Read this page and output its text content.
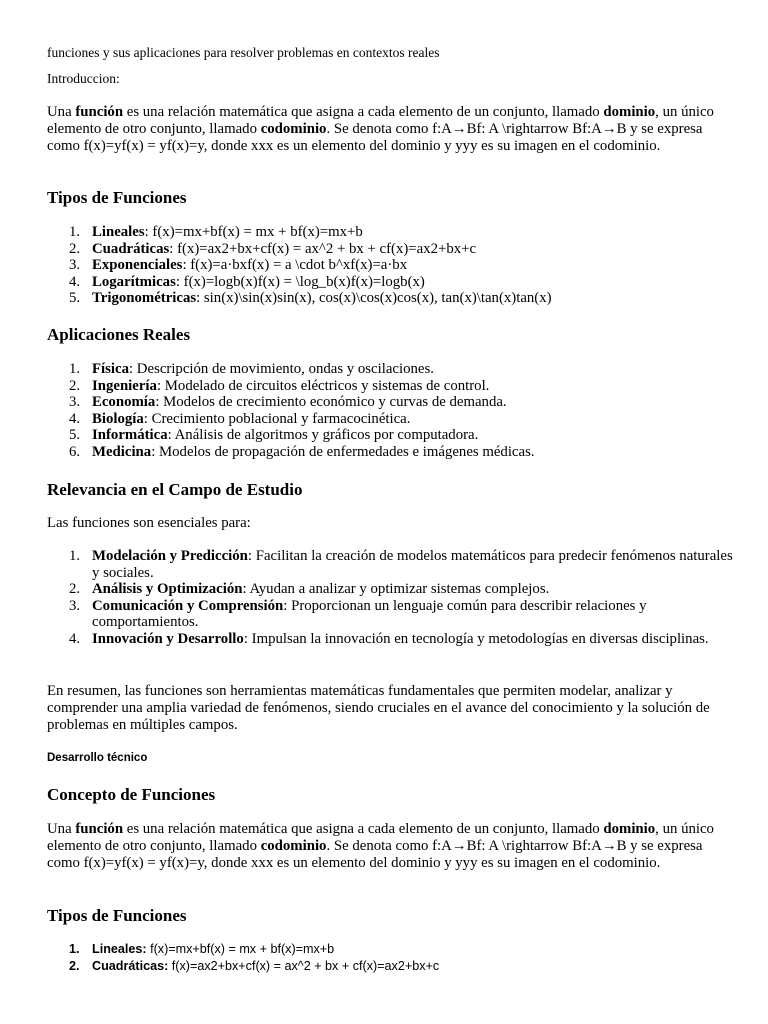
funciones y sus aplicaciones para resolver problemas en contextos reales

Introduccion:

Una función es una relación matemática que asigna a cada elemento de un conjunto, llamado dominio, un único elemento de otro conjunto, llamado codominio. Se denota como f:A→Bf: A \rightarrow Bf:A→B y se expresa como f(x)=yf(x) = yf(x)=y, donde xxx es un elemento del dominio y yyy es su imagen en el codominio.

Tipos de Funciones
1. Lineales: f(x)=mx+bf(x) = mx + bf(x)=mx+b
2. Cuadráticas: f(x)=ax2+bx+cf(x) = ax^2 + bx + cf(x)=ax2+bx+c
3. Exponenciales: f(x)=a·bxf(x) = a \cdot b^xf(x)=a·bx
4. Logarítmicas: f(x)=logb(x)f(x) = \log_b(x)f(x)=logb(x)
5. Trigonométricas: sin(x)\sin(x)sin(x), cos(x)\cos(x)cos(x), tan(x)\tan(x)tan(x)
Aplicaciones Reales
1. Física: Descripción de movimiento, ondas y oscilaciones.
2. Ingeniería: Modelado de circuitos eléctricos y sistemas de control.
3. Economía: Modelos de crecimiento económico y curvas de demanda.
4. Biología: Crecimiento poblacional y farmacocinética.
5. Informática: Análisis de algoritmos y gráficos por computadora.
6. Medicina: Modelos de propagación de enfermedades e imágenes médicas.
Relevancia en el Campo de Estudio

Las funciones son esenciales para:

1. Modelación y Predicción: Facilitan la creación de modelos matemáticos para predecir fenómenos naturales y sociales.
2. Análisis y Optimización: Ayudan a analizar y optimizar sistemas complejos.
3. Comunicación y Comprensión: Proporcionan un lenguaje común para describir relaciones y comportamientos.
4. Innovación y Desarrollo: Impulsan la innovación en tecnología y metodologías en diversas disciplinas.

En resumen, las funciones son herramientas matemáticas fundamentales que permiten modelar, analizar y comprender una amplia variedad de fenómenos, siendo cruciales en el avance del conocimiento y la solución de problemas en múltiples campos.

Desarrollo técnico

Concepto de Funciones

Una función es una relación matemática que asigna a cada elemento de un conjunto, llamado dominio, un único elemento de otro conjunto, llamado codominio. Se denota como f:A→Bf: A \rightarrow Bf:A→B y se expresa como f(x)=yf(x) = yf(x)=y, donde xxx es un elemento del dominio y yyy es su imagen en el codominio.

Tipos de Funciones
1. Lineales: f(x)=mx+bf(x) = mx + bf(x)=mx+b
2. Cuadráticas: f(x)=ax2+bx+cf(x) = ax^2 + bx + cf(x)=ax2+bx+c
